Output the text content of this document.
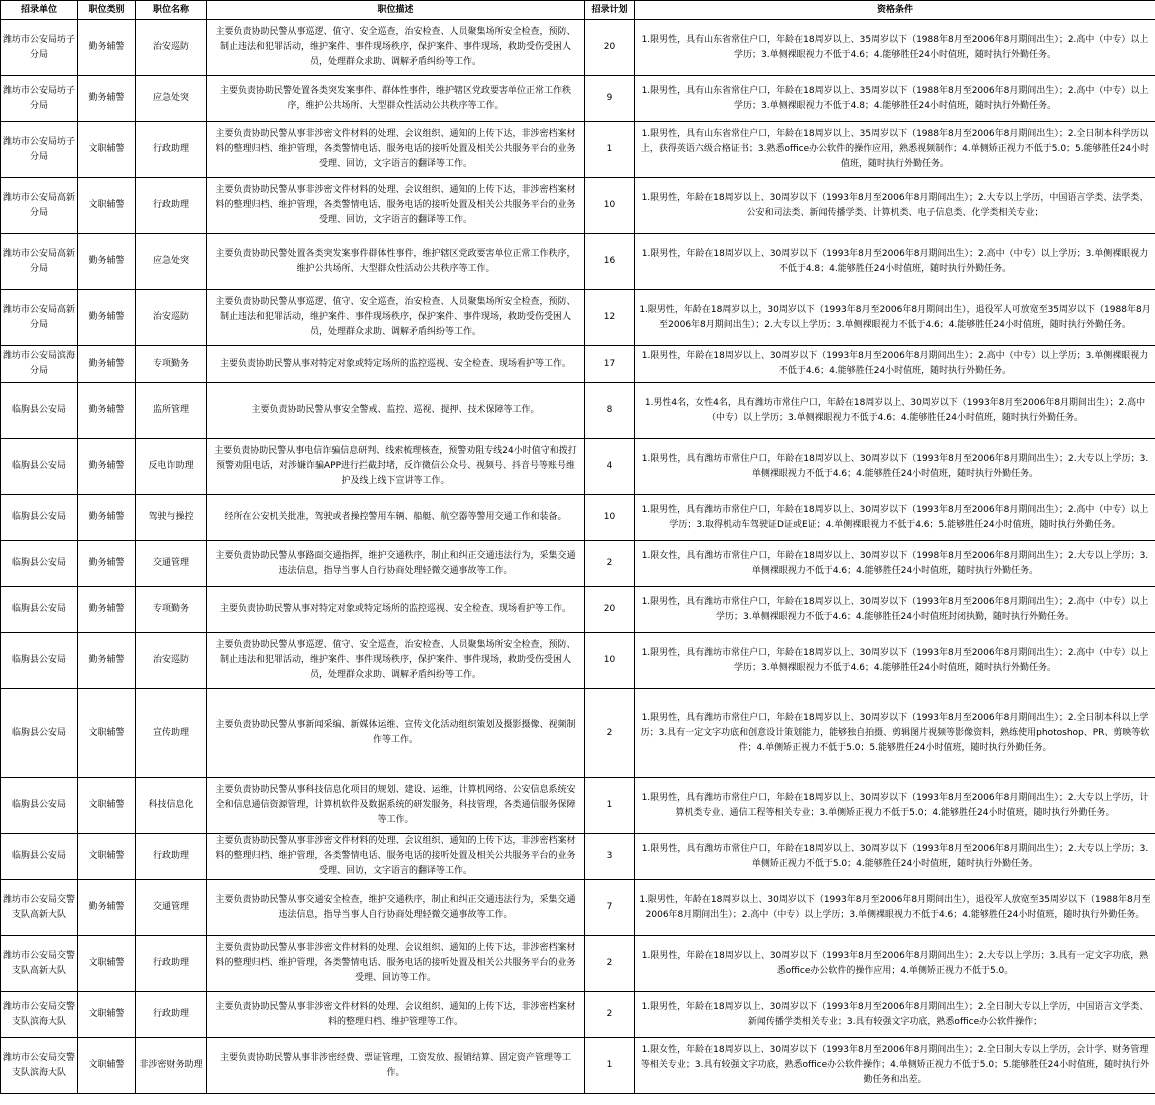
招录单位	职位类别	职位名称	职位描述	招录计划	资格条件
潍坊市公安局坊子分局	勤务辅警	治安巡防	主要负责协助民警从事巡逻、值守、安全巡查，治安检查、人员聚集场所安全检查，预防、制止违法和犯罪活动，维护案件、事件现场秩序，保护案件、事件现场，救助受伤受困人员，处理群众求助、调解矛盾纠纷等工作。	20	1.限男性，具有山东省常住户口，年龄在18周岁以上、35周岁以下（1988年8月至2006年8月期间出生）；2.高中（中专）以上学历；3.单侧裸眼视力不低于4.6；4.能够胜任24小时值班，随时执行外勤任务。
潍坊市公安局坊子分局	勤务辅警	应急处突	主要负责协助民警处置各类突发案事件、群体性事件，维护辖区党政要害单位正常工作秩序，维护公共场所、大型群众性活动公共秩序等工作。	9	1.限男性，具有山东省常住户口，年龄在18周岁以上、35周岁以下（1988年8月至2006年8月期间出生）；2.高中（中专）以上学历；3.单侧裸眼视力不低于4.8；4.能够胜任24小时值班，随时执行外勤任务。
潍坊市公安局坊子分局	文职辅警	行政助理	主要负责协助民警从事非涉密文件材料的处理、会议组织、通知的上传下达，非涉密档案材料的整理归档、维护管理，各类警情电话、服务电话的接听处置及相关公共服务平台的业务受理、回访，文字语言的翻译等工作。	1	1.限男性，具有山东省常住户口，年龄在18周岁以上、35周岁以下（1988年8月至2006年8月期间出生）；2.全日制本科学历以上，获得英语六级合格证书；3.熟悉office办公软件的操作应用，熟悉视频制作；4.单侧矫正视力不低于5.0；5.能够胜任24小时值班，随时执行外勤任务。
潍坊市公安局高新分局	文职辅警	行政助理	主要负责协助民警从事非涉密文件材料的处理、会议组织、通知的上传下达，非涉密档案材料的整理归档、维护管理，各类警情电话、服务电话的接听处置及相关公共服务平台的业务受理、回访，文字语言的翻译等工作。	10	1.限男性，年龄在18周岁以上、30周岁以下（1993年8月至2006年8月期间出生）；2.大专以上学历，中国语言学类、法学类、公安和司法类、新闻传播学类、计算机类、电子信息类、化学类相关专业；
潍坊市公安局高新分局	勤务辅警	应急处突	主要负责协助民警处置各类突发案事件群体性事件，维护辖区党政要害单位正常工作秩序，维护公共场所、大型群众性活动公共秩序等工作。	16	1.限男性，年龄在18周岁以上、30周岁以下（1993年8月至2006年8月期间出生）；2.高中（中专）以上学历；3.单侧裸眼视力不低于4.8；4.能够胜任24小时值班，随时执行外勤任务。
潍坊市公安局高新分局	勤务辅警	治安巡防	主要负责协助民警从事巡逻、值守、安全巡查，治安检查、人员聚集场所安全检查，预防、制止违法和犯罪活动，维护案件、事件现场秩序，保护案件、事件现场，救助受伤受困人员，处理群众求助、调解矛盾纠纷等工作。	12	1.限男性，年龄在18周岁以上，30周岁以下（1993年8月至2006年8月期间出生），退役军人可放宽至35周岁以下（1988年8月至2006年8月期间出生）；2.大专以上学历；3.单侧裸眼视力不低于4.6；4.能够胜任24小时值班，随时执行外勤任务。
潍坊市公安局滨海分局	勤务辅警	专项勤务	主要负责协助民警从事对特定对象或特定场所的监控巡视、安全检查、现场看护等工作。	17	1.限男性，年龄在18周岁以上、30周岁以下（1993年8月至2006年8月期间出生）；2.高中（中专）以上学历；3.单侧裸眼视力不低于4.6；4.能够胜任24小时值班，随时执行外勤任务。
临朐县公安局	勤务辅警	监所管理	主要负责协助民警从事安全警戒、监控、巡视、提押、技术保障等工作。	8	1.男性4名，女性4名，具有潍坊市常住户口，年龄在18周岁以上、30周岁以下（1993年8月至2006年8月期间出生）；2.高中（中专）以上学历；3.单侧裸眼视力不低于4.6；4.能够胜任24小时值班，随时执行外勤任务。
临朐县公安局	勤务辅警	反电诈助理	主要负责协助民警从事电信诈骗信息研判、线索梳理核查，预警劝阻专线24小时值守和拨打预警劝阻电话，对涉嫌诈骗APP进行拦截封堵，反诈微信公众号、视频号、抖音号等账号维护及线上线下宣讲等工作。	4	1.限男性，具有潍坊市常住户口，年龄在18周岁以上、30周岁以下（1993年8月至2006年8月期间出生）；2.大专以上学历；3.单侧裸眼视力不低于4.6；4.能够胜任24小时值班，随时执行外勤任务。
临朐县公安局	勤务辅警	驾驶与操控	经所在公安机关批准，驾驶或者操控警用车辆、船艇、航空器等警用交通工作和装备。	10	1.限男性，具有潍坊市常住户口，年龄在18周岁以上、30周岁以下（1993年8月至2006年8月期间出生）；2.高中（中专）以上学历；3.取得机动车驾驶证D证或E证；4.单侧裸眼视力不低于4.6；5.能够胜任24小时值班，随时执行外勤任务。
临朐县公安局	勤务辅警	交通管理	主要负责协助民警从事路面交通指挥，维护交通秩序，制止和纠正交通违法行为，采集交通违法信息，指导当事人自行协商处理轻微交通事故等工作。	2	1.限女性，具有潍坊市常住户口，年龄在18周岁以上、30周岁以下（1998年8月至2006年8月期间出生）；2.大专以上学历；3.单侧裸眼视力不低于4.6；4.能够胜任24小时值班，随时执行外勤任务。
临朐县公安局	勤务辅警	专项勤务	主要负责协助民警从事对特定对象或特定场所的监控巡视、安全检查、现场看护等工作。	20	1.限男性，具有潍坊市常住户口，年龄在18周岁以上、30周岁以下（1993年8月至2006年8月期间出生）；2.高中（中专）以上学历；3.单侧裸眼视力不低于4.6；4.能够胜任24小时值班封闭执勤，随时执行外勤任务。
临朐县公安局	勤务辅警	治安巡防	主要负责协助民警从事巡逻、值守、安全巡查，治安检查、人员聚集场所安全检查，预防、制止违法和犯罪活动，维护案件、事件现场秩序，保护案件、事件现场，救助受伤受困人员，处理群众求助、调解矛盾纠纷等工作。	10	1.限男性，具有潍坊市常住户口，年龄在18周岁以上、30周岁以下（1993年8月至2006年8月期间出生）；2.高中（中专）以上学历；3.单侧裸眼视力不低于4.6；4.能够胜任24小时值班，随时执行外勤任务。
临朐县公安局	文职辅警	宣传助理	主要负责协助民警从事新闻采编、新媒体运维、宣传文化活动组织策划及摄影摄像、视频制作等工作。	2	1.限男性，具有潍坊市常住户口，年龄在18周岁以上、30周岁以下（1993年8月至2006年8月期间出生）；2.全日制本科以上学历；3.具有一定文字功底和创意设计策划能力，能够独自拍摄、剪辑图片视频等影像资料，熟练使用photoshop、PR、剪映等软件；4.单侧矫正视力不低于5.0；5.能够胜任24小时值班，随时执行外勤任务。
临朐县公安局	文职辅警	科技信息化	主要负责协助民警从事科技信息化项目的规划、建设、运维，计算机网络、公安信息系统安全和信息通信资源管理，计算机软件及数据系统的研发服务，科技管理，各类通信服务保障等工作。	1	1.限男性，具有潍坊市常住户口，年龄在18周岁以上、30周岁以下（1993年8月至2006年8月期间出生）；2.大专以上学历，计算机类专业、通信工程等相关专业；3.单侧矫正视力不低于5.0；4.能够胜任24小时值班，随时执行外勤任务。
临朐县公安局	文职辅警	行政助理	主要负责协助民警从事非涉密文件材料的处理、会议组织、通知的上传下达，非涉密档案材料的整理归档、维护管理，各类警情电话、服务电话的接听处置及相关公共服务平台的业务受理、回访，文字语言的翻译等工作。	3	1.限男性，具有潍坊市常住户口，年龄在18周岁以上、30周岁以下（1993年8月至2006年8月期间出生）；2.大专以上学历；3.单侧矫正视力不低于5.0；4.能够胜任24小时值班，随时执行外勤任务。
潍坊市公安局交警支队高新大队	勤务辅警	交通管理	主要负责协助民警从事交通安全检查，维护交通秩序，制止和纠正交通违法行为，采集交通违法信息，指导当事人自行协商处理轻微交通事故等工作。	7	1.限男性，年龄在18周岁以上、30周岁以下（1993年8月至2006年8月期间出生），退役军人放宽至35周岁以下（1988年8月至2006年8月期间出生）；2.高中（中专）以上学历；3.单侧裸眼视力不低于4.6；4.能够胜任24小时值班，随时执行外勤任务。
潍坊市公安局交警支队高新大队	文职辅警	行政助理	主要负责协助民警从事非涉密文件材料的处理、会议组织、通知的上传下达，非涉密档案材料的整理归档、维护管理，各类警情电话、服务电话的接听处置及相关公共服务平台的业务受理、回访等工作。	2	1.限男性，年龄在18周岁以上、30周岁以下（1993年8月至2006年8月期间出生）；2.大专以上学历；3.具有一定文字功底，熟悉office办公软件的操作应用；4.单侧矫正视力不低于5.0。
潍坊市公安局交警支队滨海大队	文职辅警	行政助理	主要负责协助民警从事非涉密文件材料的处理、会议组织、通知的上传下达，非涉密档案材料的整理归档、维护管理等工作。	2	1.限男性，年龄在18周岁以上、30周岁以下（1993年8月至2006年8月期间出生）；2.全日制大专以上学历，中国语言文学类、新闻传播学类相关专业；3.具有较强文字功底，熟悉office办公软件操作；
潍坊市公安局交警支队滨海大队	文职辅警	非涉密财务助理	主要负责协助民警从事非涉密经费、票证管理，工资发放、报销结算、固定资产管理等工作。	1	1.限女性，年龄在18周岁以上、30周岁以下（1993年8月至2006年8月期间出生）；2.全日制大专以上学历，会计学、财务管理等相关专业；3.具有较强文字功底，熟悉office办公软件操作；4.单侧矫正视力不低于5.0；5.能够胜任24小时值班，随时执行外勤任务和出差。
